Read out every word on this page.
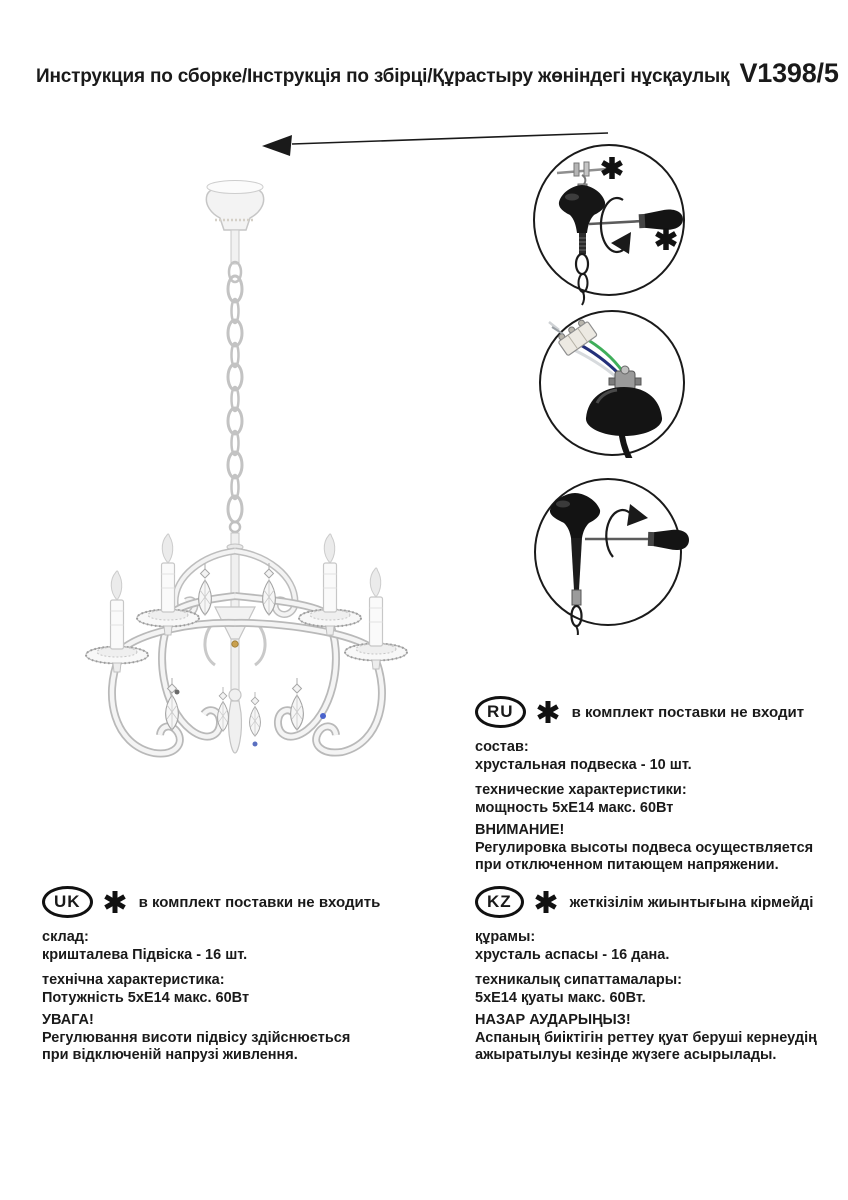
Инструкция по сборке/Інструкція по збірці/Құрастыру жөніндегі нұсқаулық V1398/5
RU	в комплект поставки не входит
состав:
хрустальная подвеска - 10 шт.
технические характеристики:
мощность 5хЕ14 макс. 60Вт
ВНИМАНИЕ!
Регулировка высоты подвеса осуществляется
при отключенном питающем напряжении.
UK	в комплект поставки не входить
склад:
кришталева Підвіска - 16 шт.
технічна характеристика:
Потужність 5хЕ14 макс. 60Вт
УВАГА!
Регулювання висоти підвісу здійснюється
при відключеній напрузі живлення.
KZ	жеткізілім жиынтығына кірмейді
құрамы:
хрусталь аспасы - 16 дана.
техникалық сипаттамалары:
5хЕ14 қуаты макс. 60Вт.
НАЗАР АУДАРЫҢЫЗ!
Аспаның биіктігін реттеу қуат беруші кернеудің
ажыратылуы кезінде жүзеге асырылады.
